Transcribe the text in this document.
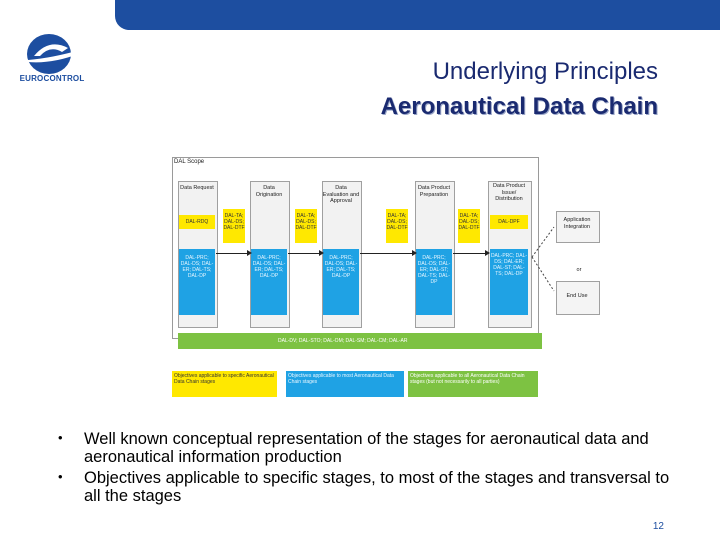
EUROCONTROL	Underlying Principles
Aeronautical Data Chain
DAL Scope
Data Request
DAL-RDQ
DAL-PRC; DAL-DS; DAL-ER; DAL-TS; DAL-DP
DAL-TA; DAL-DS; DAL-DTF
Data Origination
DAL-PRC; DAL-DS; DAL-ER; DAL-TS; DAL-DP
DAL-TA; DAL-DS; DAL-DTF
Data Evaluation and Approval
DAL-PRC; DAL-DS; DAL-ER; DAL-TS; DAL-DP
DAL-TA; DAL-DS; DAL-DTF
Data Product Preparation
DAL-PRC; DAL-DS; DAL-ER; DAL-ST; DAL-TS; DAL-DP
DAL-TA; DAL-DS; DAL-DTF
Data Product Issue/ Distribution
DAL-DPF
DAL-PRC; DAL-DS; DAL-ER; DAL-ST; DAL-TS; DAL-DP
Application Integration
or
End Use
DAL-DV; DAL-STO; DAL-OM; DAL-SM; DAL-CM; DAL-AR
Objectives applicable to specific Aeronautical Data Chain stages
Objectives applicable to most Aeronautical Data Chain stages
Objectives applicable to all Aeronautical Data Chain stages (but not necessarily to all parties)
• Well known conceptual representation of the stages for aeronautical data and aeronautical information production
• Objectives applicable to specific stages, to most of the stages and transversal to all the stages
12
